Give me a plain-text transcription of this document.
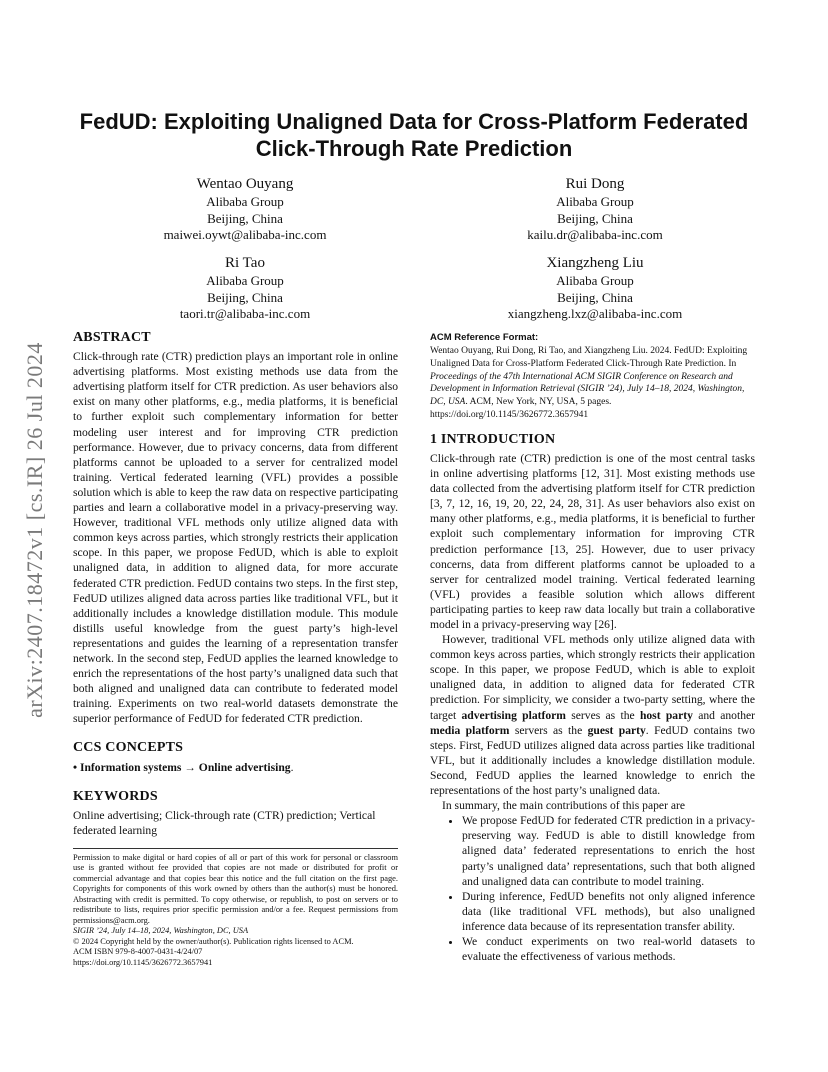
arXiv:2407.18472v1 [cs.IR] 26 Jul 2024
FedUD: Exploiting Unaligned Data for Cross-Platform Federated Click-Through Rate Prediction
Wentao Ouyang
Alibaba Group
Beijing, China
maiwei.oywt@alibaba-inc.com
Rui Dong
Alibaba Group
Beijing, China
kailu.dr@alibaba-inc.com
Ri Tao
Alibaba Group
Beijing, China
taori.tr@alibaba-inc.com
Xiangzheng Liu
Alibaba Group
Beijing, China
xiangzheng.lxz@alibaba-inc.com
ABSTRACT

Click-through rate (CTR) prediction plays an important role in online advertising platforms. Most existing methods use data from the advertising platform itself for CTR prediction. As user behaviors also exist on many other platforms, e.g., media platforms, it is beneficial to further exploit such complementary information for better modeling user interest and for improving CTR prediction performance. However, due to privacy concerns, data from different platforms cannot be uploaded to a server for centralized model training. Vertical federated learning (VFL) provides a possible solution which is able to keep the raw data on respective participating parties and learn a collaborative model in a privacy-preserving way. However, traditional VFL methods only utilize aligned data with common keys across parties, which strongly restricts their application scope. In this paper, we propose FedUD, which is able to exploit unaligned data, in addition to aligned data, for more accurate federated CTR prediction. FedUD contains two steps. In the first step, FedUD utilizes aligned data across parties like traditional VFL, but it additionally includes a knowledge distillation module. This module distills useful knowledge from the guest party’s high-level representations and guides the learning of a representation transfer network. In the second step, FedUD applies the learned knowledge to enrich the representations of the host party’s unaligned data such that both aligned and unaligned data can contribute to federated model training. Experiments on two real-world datasets demonstrate the superior performance of FedUD for federated CTR prediction.

CCS CONCEPTS

• Information systems → Online advertising.

KEYWORDS

Online advertising; Click-through rate (CTR) prediction; Vertical federated learning

Permission to make digital or hard copies of all or part of this work for personal or classroom use is granted without fee provided that copies are not made or distributed for profit or commercial advantage and that copies bear this notice and the full citation on the first page. Copyrights for components of this work owned by others than the author(s) must be honored. Abstracting with credit is permitted. To copy otherwise, or republish, to post on servers or to redistribute to lists, requires prior specific permission and/or a fee. Request permissions from permissions@acm.org.

SIGIR ’24, July 14–18, 2024, Washington, DC, USA

© 2024 Copyright held by the owner/author(s). Publication rights licensed to ACM.

ACM ISBN 979-8-4007-0431-4/24/07

https://doi.org/10.1145/3626772.3657941

ACM Reference Format:

Wentao Ouyang, Rui Dong, Ri Tao, and Xiangzheng Liu. 2024. FedUD: Exploiting Unaligned Data for Cross-Platform Federated Click-Through Rate Prediction. In Proceedings of the 47th International ACM SIGIR Conference on Research and Development in Information Retrieval (SIGIR ’24), July 14–18, 2024, Washington, DC, USA. ACM, New York, NY, USA, 5 pages. https://doi.org/10.1145/3626772.3657941

1 INTRODUCTION

Click-through rate (CTR) prediction is one of the most central tasks in online advertising platforms [12, 31]. Most existing methods use data collected from the advertising platform itself for CTR prediction [3, 7, 12, 16, 19, 20, 22, 24, 28, 31]. As user behaviors also exist on many other platforms, e.g., media platforms, it is beneficial to further exploit such complementary information for improving CTR prediction performance [13, 25]. However, due to user privacy concerns, data from different platforms cannot be uploaded to a server for centralized model training. Vertical federated learning (VFL) provides a feasible solution which allows different participating parties to keep raw data locally but train a collaborative model in a privacy-preserving way [26].

However, traditional VFL methods only utilize aligned data with common keys across parties, which strongly restricts their application scope. In this paper, we propose FedUD, which is able to exploit unaligned data, in addition to aligned data for federated CTR prediction. For simplicity, we consider a two-party setting, where the target advertising platform serves as the host party and another media platform servers as the guest party. FedUD contains two steps. First, FedUD utilizes aligned data across parties like traditional VFL, but it additionally includes a knowledge distillation module. Second, FedUD applies the learned knowledge to enrich the representations of the host party’s unaligned data.

In summary, the main contributions of this paper are

• We propose FedUD for federated CTR prediction in a privacy-preserving way. FedUD is able to distill knowledge from aligned data’ federated representations to enrich the host party’s unaligned data’ representations, such that both aligned and unaligned data can contribute to model training.
• During inference, FedUD benefits not only aligned inference data (like traditional VFL methods), but also unaligned inference data because of its representation transfer ability.
• We conduct experiments on two real-world datasets to evaluate the effectiveness of various methods.
